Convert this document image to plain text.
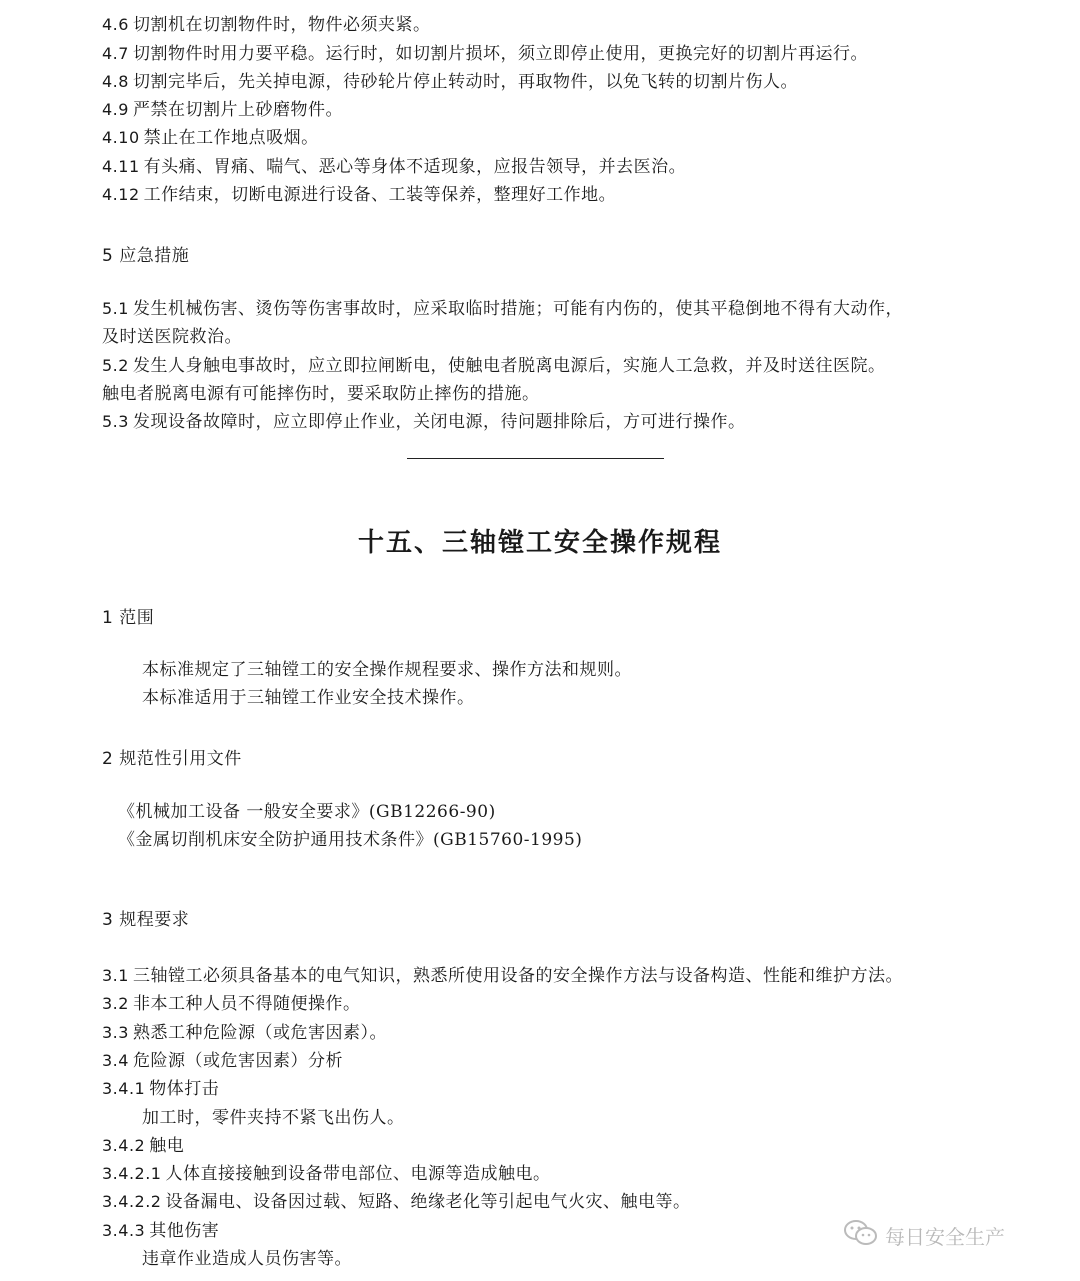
4.6 切割机在切割物件时，物件必须夹紧。
4.7 切割物件时用力要平稳。运行时，如切割片损坏，须立即停止使用，更换完好的切割片再运行。
4.8 切割完毕后，先关掉电源，待砂轮片停止转动时，再取物件，以免飞转的切割片伤人。
4.9 严禁在切割片上砂磨物件。
4.10 禁止在工作地点吸烟。
4.11 有头痛、胃痛、喘气、恶心等身体不适现象，应报告领导，并去医治。
4.12 工作结束，切断电源进行设备、工装等保养，整理好工作地。
5 应急措施
5.1 发生机械伤害、烫伤等伤害事故时，应采取临时措施；可能有内伤的，使其平稳倒地不得有大动作，
及时送医院救治。
5.2 发生人身触电事故时，应立即拉闸断电，使触电者脱离电源后，实施人工急救，并及时送往医院。
触电者脱离电源有可能摔伤时，要采取防止摔伤的措施。
5.3 发现设备故障时，应立即停止作业，关闭电源，待问题排除后，方可进行操作。
十五、三轴镗工安全操作规程
1 范围
本标准规定了三轴镗工的安全操作规程要求、操作方法和规则。
本标准适用于三轴镗工作业安全技术操作。
2 规范性引用文件
《机械加工设备 一般安全要求》(GB12266-90)
《金属切削机床安全防护通用技术条件》(GB15760-1995)
3 规程要求
3.1 三轴镗工必须具备基本的电气知识，熟悉所使用设备的安全操作方法与设备构造、性能和维护方法。
3.2 非本工种人员不得随便操作。
3.3 熟悉工种危险源（或危害因素）。
3.4 危险源（或危害因素）分析
3.4.1 物体打击
加工时，零件夹持不紧飞出伤人。
3.4.2 触电
3.4.2.1 人体直接接触到设备带电部位、电源等造成触电。
3.4.2.2 设备漏电、设备因过载、短路、绝缘老化等引起电气火灾、触电等。
3.4.3 其他伤害
违章作业造成人员伤害等。
每日安全生产
